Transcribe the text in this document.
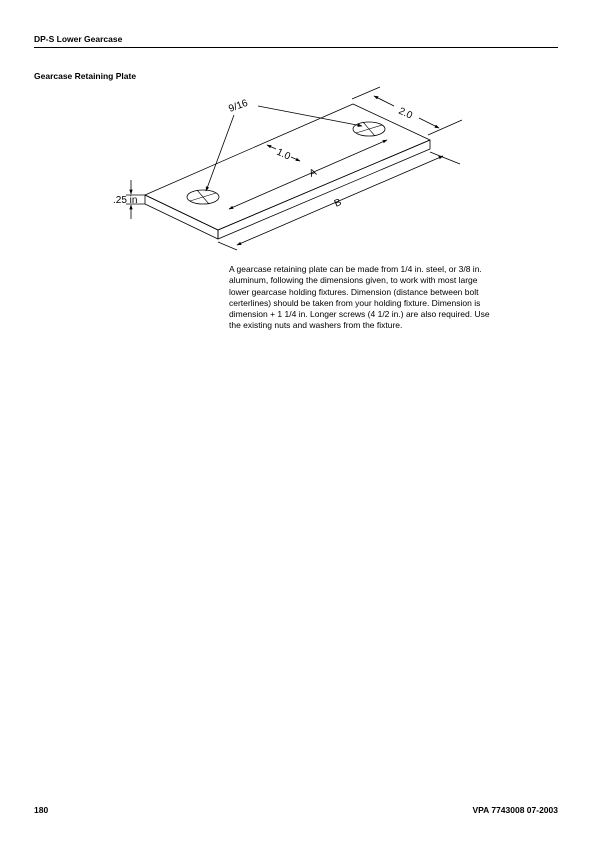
DP-S Lower Gearcase
Gearcase Retaining Plate
9/16	2.0
1.0
A
B
.25 in

A gearcase retaining plate can be made from 1/4 in. steel, or 3/8 in.

aluminum, following the dimensions given, to work with most large

lower gearcase holding fixtures. Dimension (distance between bolt

certerlines) should be taken from your holding fixture. Dimension is

dimension + 1 1/4 in. Longer screws (4 1/2 in.) are also required. Use

the existing nuts and washers from the fixture.

180	VPA 7743008 07-2003
